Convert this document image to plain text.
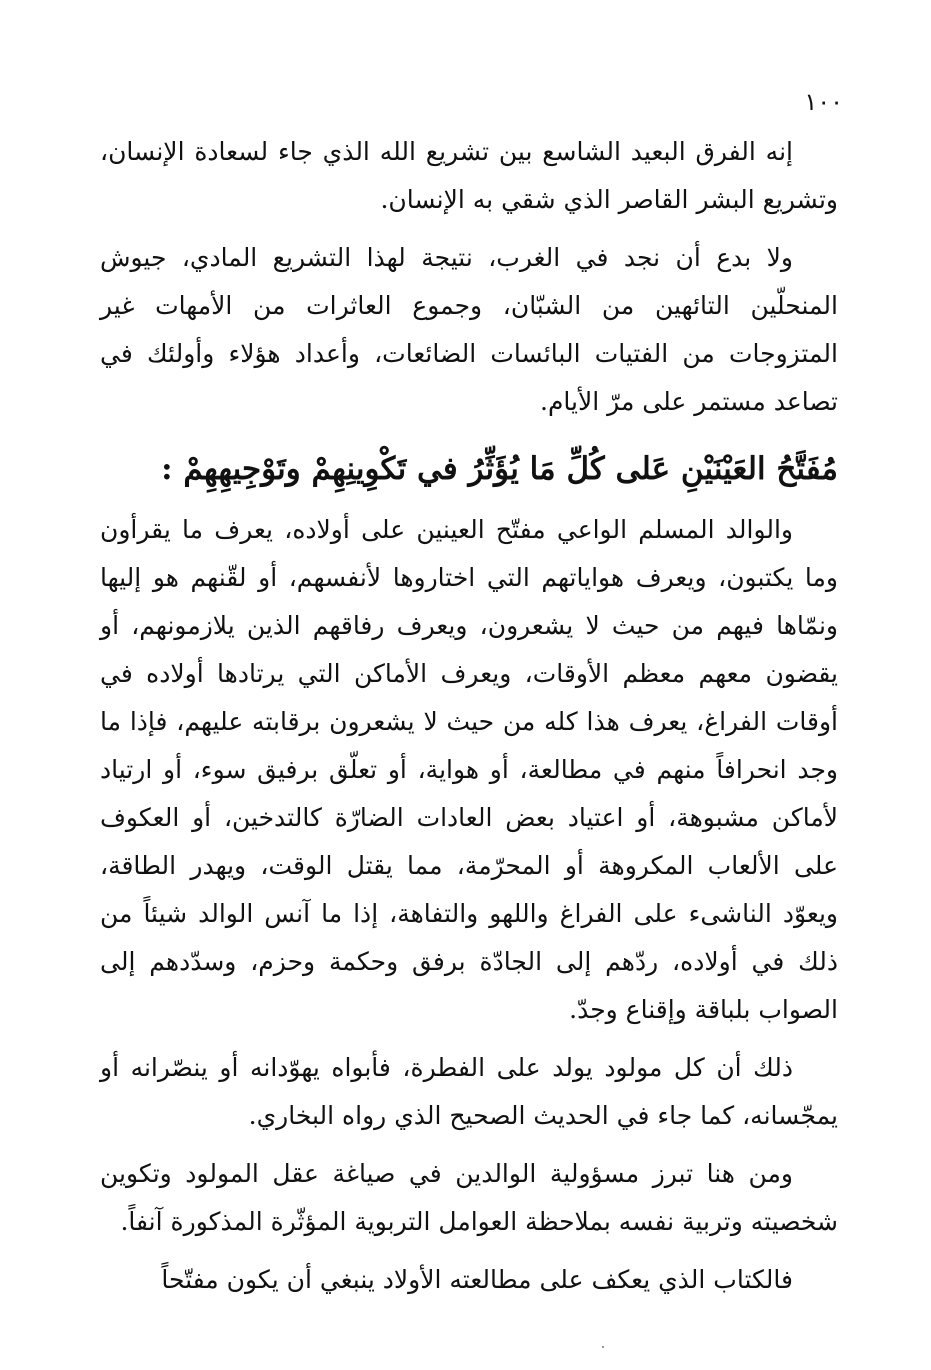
١٠٠

إنه الفرق البعيد الشاسع بين تشريع الله الذي جاء لسعادة الإنسان، وتشريع البشر القاصر الذي شقي به الإنسان.

ولا بدع أن نجد في الغرب، نتيجة لهذا التشريع المادي، جيوش المنحلّين التائهين من الشبّان، وجموع العاثرات من الأمهات غير المتزوجات من الفتيات البائسات الضائعات، وأعداد هؤلاء وأولئك في تصاعد مستمر على مرّ الأيام.

مُفَتَّحُ العَيْنَيْنِ عَلى كُلِّ مَا يُؤَثِّرُ في تَكْوِينِهِمْ وتَوْجِيهِهِمْ :

والوالد المسلم الواعي مفتّح العينين على أولاده، يعرف ما يقرأون وما يكتبون، ويعرف هواياتهم التي اختاروها لأنفسهم، أو لقّنهم هو إليها ونمّاها فيهم من حيث لا يشعرون، ويعرف رفاقهم الذين يلازمونهم، أو يقضون معهم معظم الأوقات، ويعرف الأماكن التي يرتادها أولاده في أوقات الفراغ، يعرف هذا كله من حيث لا يشعرون برقابته عليهم، فإذا ما وجد انحرافاً منهم في مطالعة، أو هواية، أو تعلّق برفيق سوء، أو ارتياد لأماكن مشبوهة، أو اعتياد بعض العادات الضارّة كالتدخين، أو العكوف على الألعاب المكروهة أو المحرّمة، مما يقتل الوقت، ويهدر الطاقة، ويعوّد الناشىء على الفراغ واللهو والتفاهة، إذا ما آنس الوالد شيئاً من ذلك في أولاده، ردّهم إلى الجادّة برفق وحكمة وحزم، وسدّدهم إلى الصواب بلباقة وإقناع وجدّ.

ذلك أن كل مولود يولد على الفطرة، فأبواه يهوّدانه أو ينصّرانه أو يمجّسانه، كما جاء في الحديث الصحيح الذي رواه البخاري.

ومن هنا تبرز مسؤولية الوالدين في صياغة عقل المولود وتكوين شخصيته وتربية نفسه بملاحظة العوامل التربوية المؤثّرة المذكورة آنفاً.

فالكتاب الذي يعكف على مطالعته الأولاد ينبغي أن يكون مفتّحاً
